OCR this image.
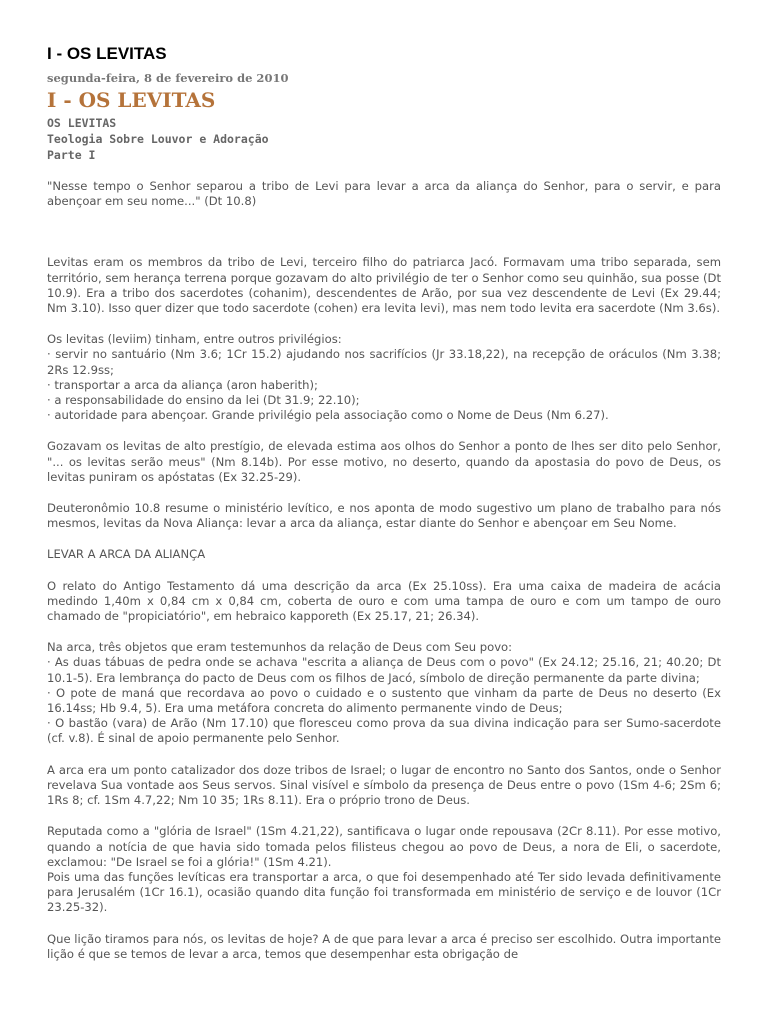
I - OS LEVITAS

segunda-feira, 8 de fevereiro de 2010

I - OS LEVITAS
OS LEVITAS
Teologia Sobre Louvor e Adoração
Parte I

"Nesse tempo o Senhor separou a tribo de Levi para levar a arca da aliança do Senhor, para o servir, e para abençoar em seu nome..." (Dt 10.8)

Levitas eram os membros da tribo de Levi, terceiro filho do patriarca Jacó. Formavam uma tribo separada, sem território, sem herança terrena porque gozavam do alto privilégio de ter o Senhor como seu quinhão, sua posse (Dt 10.9). Era a tribo dos sacerdotes (cohanim), descendentes de Arão, por sua vez descendente de Levi (Ex 29.44; Nm 3.10). Isso quer dizer que todo sacerdote (cohen) era levita levi), mas nem todo levita era sacerdote (Nm 3.6s).

Os levitas (leviim) tinham, entre outros privilégios:
· servir no santuário (Nm 3.6; 1Cr 15.2) ajudando nos sacrifícios (Jr 33.18,22), na recepção de oráculos (Nm 3.38; 2Rs 12.9ss;
· transportar a arca da aliança (aron haberith);
· a responsabilidade do ensino da lei (Dt 31.9; 22.10);
· autoridade para abençoar. Grande privilégio pela associação como o Nome de Deus (Nm 6.27).

Gozavam os levitas de alto prestígio, de elevada estima aos olhos do Senhor a ponto de lhes ser dito pelo Senhor, "... os levitas serão meus" (Nm 8.14b). Por esse motivo, no deserto, quando da apostasia do povo de Deus, os levitas puniram os apóstatas (Ex 32.25-29).

Deuteronômio 10.8 resume o ministério levítico, e nos aponta de modo sugestivo um plano de trabalho para nós mesmos, levitas da Nova Aliança: levar a arca da aliança, estar diante do Senhor e abençoar em Seu Nome.

LEVAR A ARCA DA ALIANÇA

O relato do Antigo Testamento dá uma descrição da arca (Ex 25.10ss). Era uma caixa de madeira de acácia medindo 1,40m x 0,84 cm x 0,84 cm, coberta de ouro e com uma tampa de ouro e com um tampo de ouro chamado de "propiciatório", em hebraico kapporeth (Ex 25.17, 21; 26.34).

Na arca, três objetos que eram testemunhos da relação de Deus com Seu povo:
· As duas tábuas de pedra onde se achava "escrita a aliança de Deus com o povo" (Ex 24.12; 25.16, 21; 40.20; Dt 10.1-5). Era lembrança do pacto de Deus com os filhos de Jacó, símbolo de direção permanente da parte divina;
· O pote de maná que recordava ao povo o cuidado e o sustento que vinham da parte de Deus no deserto (Ex 16.14ss; Hb 9.4, 5). Era uma metáfora concreta do alimento permanente vindo de Deus;
· O bastão (vara) de Arão (Nm 17.10) que floresceu como prova da sua divina indicação para ser Sumo-sacerdote (cf. v.8). É sinal de apoio permanente pelo Senhor.

A arca era um ponto catalizador dos doze tribos de Israel; o lugar de encontro no Santo dos Santos, onde o Senhor revelava Sua vontade aos Seus servos. Sinal visível e símbolo da presença de Deus entre o povo (1Sm 4-6; 2Sm 6; 1Rs 8; cf. 1Sm 4.7,22; Nm 10 35; 1Rs 8.11). Era o próprio trono de Deus.

Reputada como a "glória de Israel" (1Sm 4.21,22), santificava o lugar onde repousava (2Cr 8.11). Por esse motivo, quando a notícia de que havia sido tomada pelos filisteus chegou ao povo de Deus, a nora de Eli, o sacerdote, exclamou: "De Israel se foi a glória!" (1Sm 4.21).
Pois uma das funções levíticas era transportar a arca, o que foi desempenhado até Ter sido levada definitivamente para Jerusalém (1Cr 16.1), ocasião quando dita função foi transformada em ministério de serviço e de louvor (1Cr 23.25-32).

Que lição tiramos para nós, os levitas de hoje? A de que para levar a arca é preciso ser escolhido. Outra importante lição é que se temos de levar a arca, temos que desempenhar esta obrigação de
